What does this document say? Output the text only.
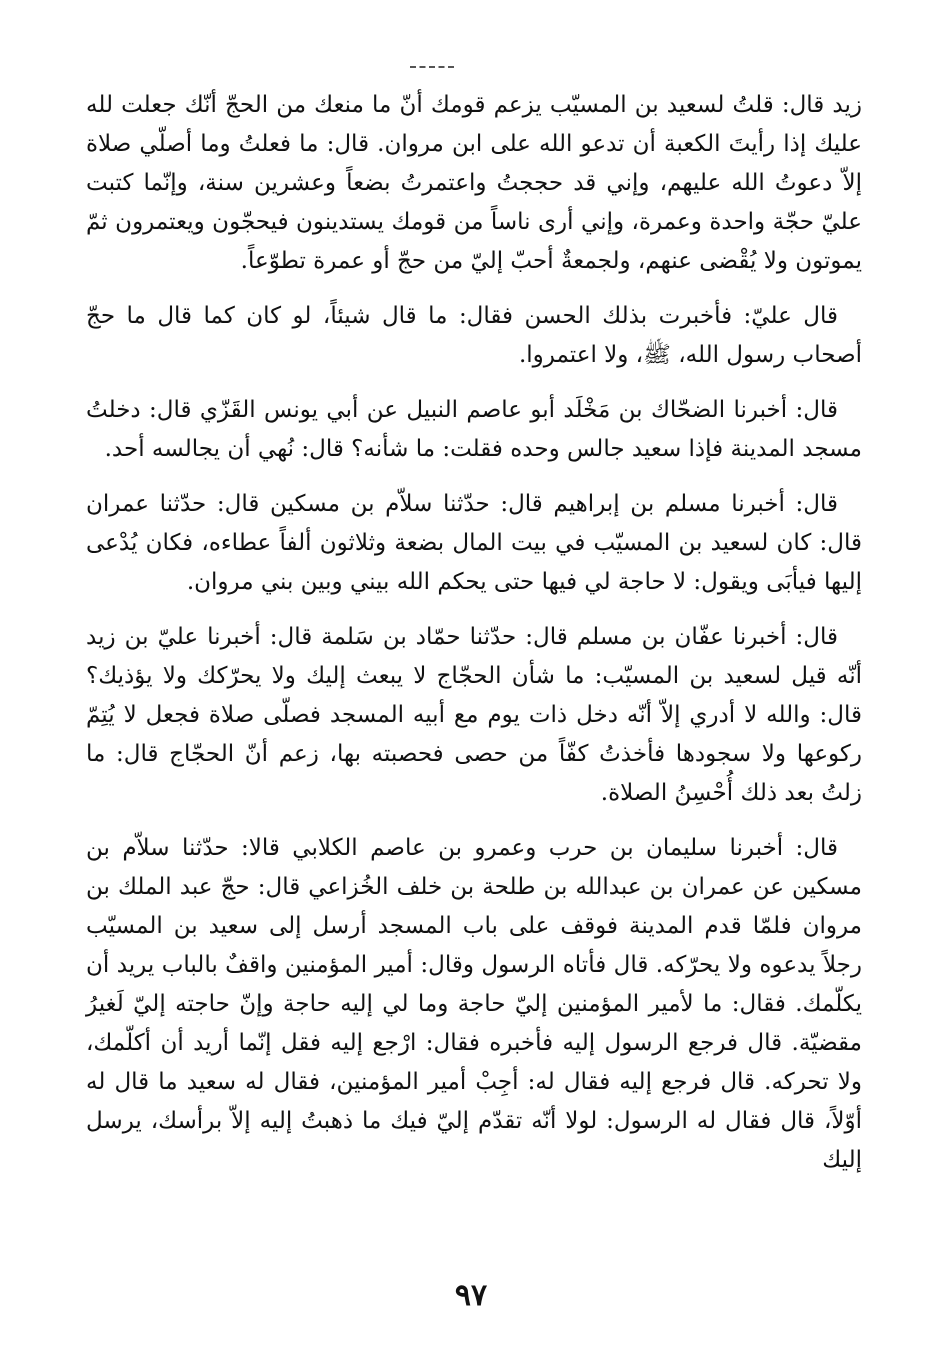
زيد قال: قلتُ لسعيد بن المسيّب يزعم قومك أنّ ما منعك من الحجّ أنّك جعلت لله عليك إذا رأيتَ الكعبة أن تدعو الله على ابن مروان. قال: ما فعلتُ وما أصلّي صلاة إلاّ دعوتُ الله عليهم، وإني قد حججتُ واعتمرتُ بضعاً وعشرين سنة، وإنّما كتبت عليّ حجّة واحدة وعمرة، وإني أرى ناساً من قومك يستدينون فيحجّون ويعتمرون ثمّ يموتون ولا يُقْضى عنهم، ولجمعةٌ أحبّ إليّ من حجّ أو عمرة تطوّعاً.

قال عليّ: فأخبرت بذلك الحسن فقال: ما قال شيئاً، لو كان كما قال ما حجّ أصحاب رسول الله، ﷺ، ولا اعتمروا.

قال: أخبرنا الضحّاك بن مَخْلَد أبو عاصم النبيل عن أبي يونس القَزّي قال: دخلتُ مسجد المدينة فإذا سعيد جالس وحده فقلت: ما شأنه؟ قال: نُهي أن يجالسه أحد.

قال: أخبرنا مسلم بن إبراهيم قال: حدّثنا سلاّم بن مسكين قال: حدّثنا عمران قال: كان لسعيد بن المسيّب في بيت المال بضعة وثلاثون ألفاً عطاءه، فكان يُدْعى إليها فيأبَى ويقول: لا حاجة لي فيها حتى يحكم الله بيني وبين بني مروان.

قال: أخبرنا عفّان بن مسلم قال: حدّثنا حمّاد بن سَلمة قال: أخبرنا عليّ بن زيد أنّه قيل لسعيد بن المسيّب: ما شأن الحجّاج لا يبعث إليك ولا يحرّكك ولا يؤذيك؟ قال: والله لا أدري إلاّ أنّه دخل ذات يوم مع أبيه المسجد فصلّى صلاة فجعل لا يُتِمّ ركوعها ولا سجودها فأخذتُ كفّاً من حصى فحصبته بها، زعم أنّ الحجّاج قال: ما زلتُ بعد ذلك أُحْسِنُ الصلاة.

قال: أخبرنا سليمان بن حرب وعمرو بن عاصم الكلابي قالا: حدّثنا سلاّم بن مسكين عن عمران بن عبدالله بن طلحة بن خلف الخُزاعي قال: حجّ عبد الملك بن مروان فلمّا قدم المدينة فوقف على باب المسجد أرسل إلى سعيد بن المسيّب رجلاً يدعوه ولا يحرّكه. قال فأتاه الرسول وقال: أمير المؤمنين واقفٌ بالباب يريد أن يكلّمك. فقال: ما لأمير المؤمنين إليّ حاجة وما لي إليه حاجة وإنّ حاجته إليّ لَغيرُ مقضيّة. قال فرجع الرسول إليه فأخبره فقال: ارْجع إليه فقل إنّما أريد أن أكلّمك، ولا تحركه. قال فرجع إليه فقال له: أجِبْ أمير المؤمنين، فقال له سعيد ما قال له أوّلاً، قال فقال له الرسول: لولا أنّه تقدّم إليّ فيك ما ذهبتُ إليه إلاّ برأسك، يرسل إليك

٩٧
